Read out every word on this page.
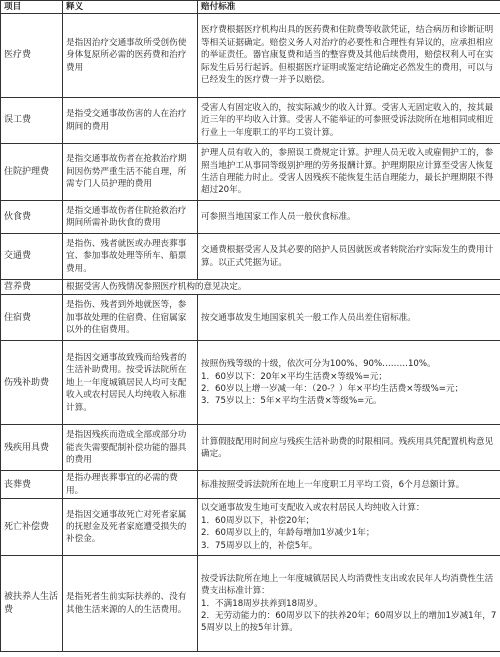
项目	释义	赔付标准
医疗费	是指因治疗交通事故所受创伤使身体复原所必需的医药费和治疗费用	医疗费根据医疗机构出具的医药费和住院费等收款凭证，结合病历和诊断证明等相关证据确定。赔偿义务人对治疗的必要性和合理性有异议的，应承担相应的举证责任。器官康复费和适当的整容费及其他后续费用，赔偿权利人可在实际发生后另行起诉。但根据医疗证明或鉴定结论确定必然发生的费用，可以与已经发生的医疗费一并予以赔偿。

误工费	是指受交通事故伤害的人在治疗期间的费用	受害人有固定收入的，按实际减少的收入计算。受害人无固定收入的，按其最近三年的平均收入计算。受害人不能举证的可参照受诉法院所在地相同或相近行业上一年度职工的平均工资计算。

住院护理费	是指交通事故伤者在抢救治疗期间因伤势严重生活不能自理，所需专门人员护理的费用	护理人员有收入的，参照误工费规定计算。护理人员无收入或雇佣护工的，参照当地护工从事同等级别护理的劳务报酬计算。护理期限应计算至受害人恢复生活自理能力时止。受害人因残疾不能恢复生活自理能力，最长护理期限不得超过20年。

伙食费	是指交通事故伤者住院抢救治疗期间所需补助伙食的费用	可参照当地国家工作人员一般伙食标准。

交通费	是指伤、残者就医或办理丧葬事宜、参加事故处理等所车、船票费用。	交通费根据受害人及其必要的陪护人员因就医或者转院治疗实际发生的费用计算。以正式凭据为证。

营养费	根据受害人伤残情况参照医疗机构的意见决定。	
住宿费	是指伤、残者到外地就医等，参加事故处理的住宿费、住宿属家以外的住宿费用。	按交通事故发生地国家机关一般工作人员出差住宿标准。

伤残补助费	是指因交通事故致残而给残者的生活补助费用。按受诉法院所在地上一年度城镇居民人均可支配收入或农村居民人均纯收入标准计算。	按照伤残等级的十级，依次可分为100%、90%………10%。
1．60岁以下：20年×平均生活费×等级%=元；
2．60岁以上增一岁减一年：（20-？）年×平均生活费×等级%=元；
3．75岁以上：5年×平均生活费×等级%=元。

残疾用具费	是指因残疾而造成全部或部分功能丧失需要配制补偿功能的器具的费用	计算假肢配用时间应与残疾生活补助费的时限相同。残疾用具凭配置机构意见确定。

丧葬费	是指办理丧葬事宜的必需的费用。	标准按照受诉法院所在地上一年度职工月平均工资，6个月总额计算。

死亡补偿费	是指因交通事故死亡对死者家属的抚慰金及死者家庭遭受损失的补偿金。	以交通事故发生地可支配收入或农村居民人均纯收入计算：
1．60周岁以下，补偿20年；
2．60周岁以上的，年龄每增加1岁减少1年；
3．75周岁以上的，补偿5年。

被扶养人生活费	是指死者生前实际扶养的、没有其他生活来源的人的生活费用。	按受诉法院所在地上一年度城镇居民人均消费性支出或农民年人均消费性生活费支出标准计算：
1．不满18周岁扶养到18周岁。
2．无劳动能力的：60周岁以下的扶养20年；60周岁以上的增加1岁减1年，75周岁以上的按5年计算。
